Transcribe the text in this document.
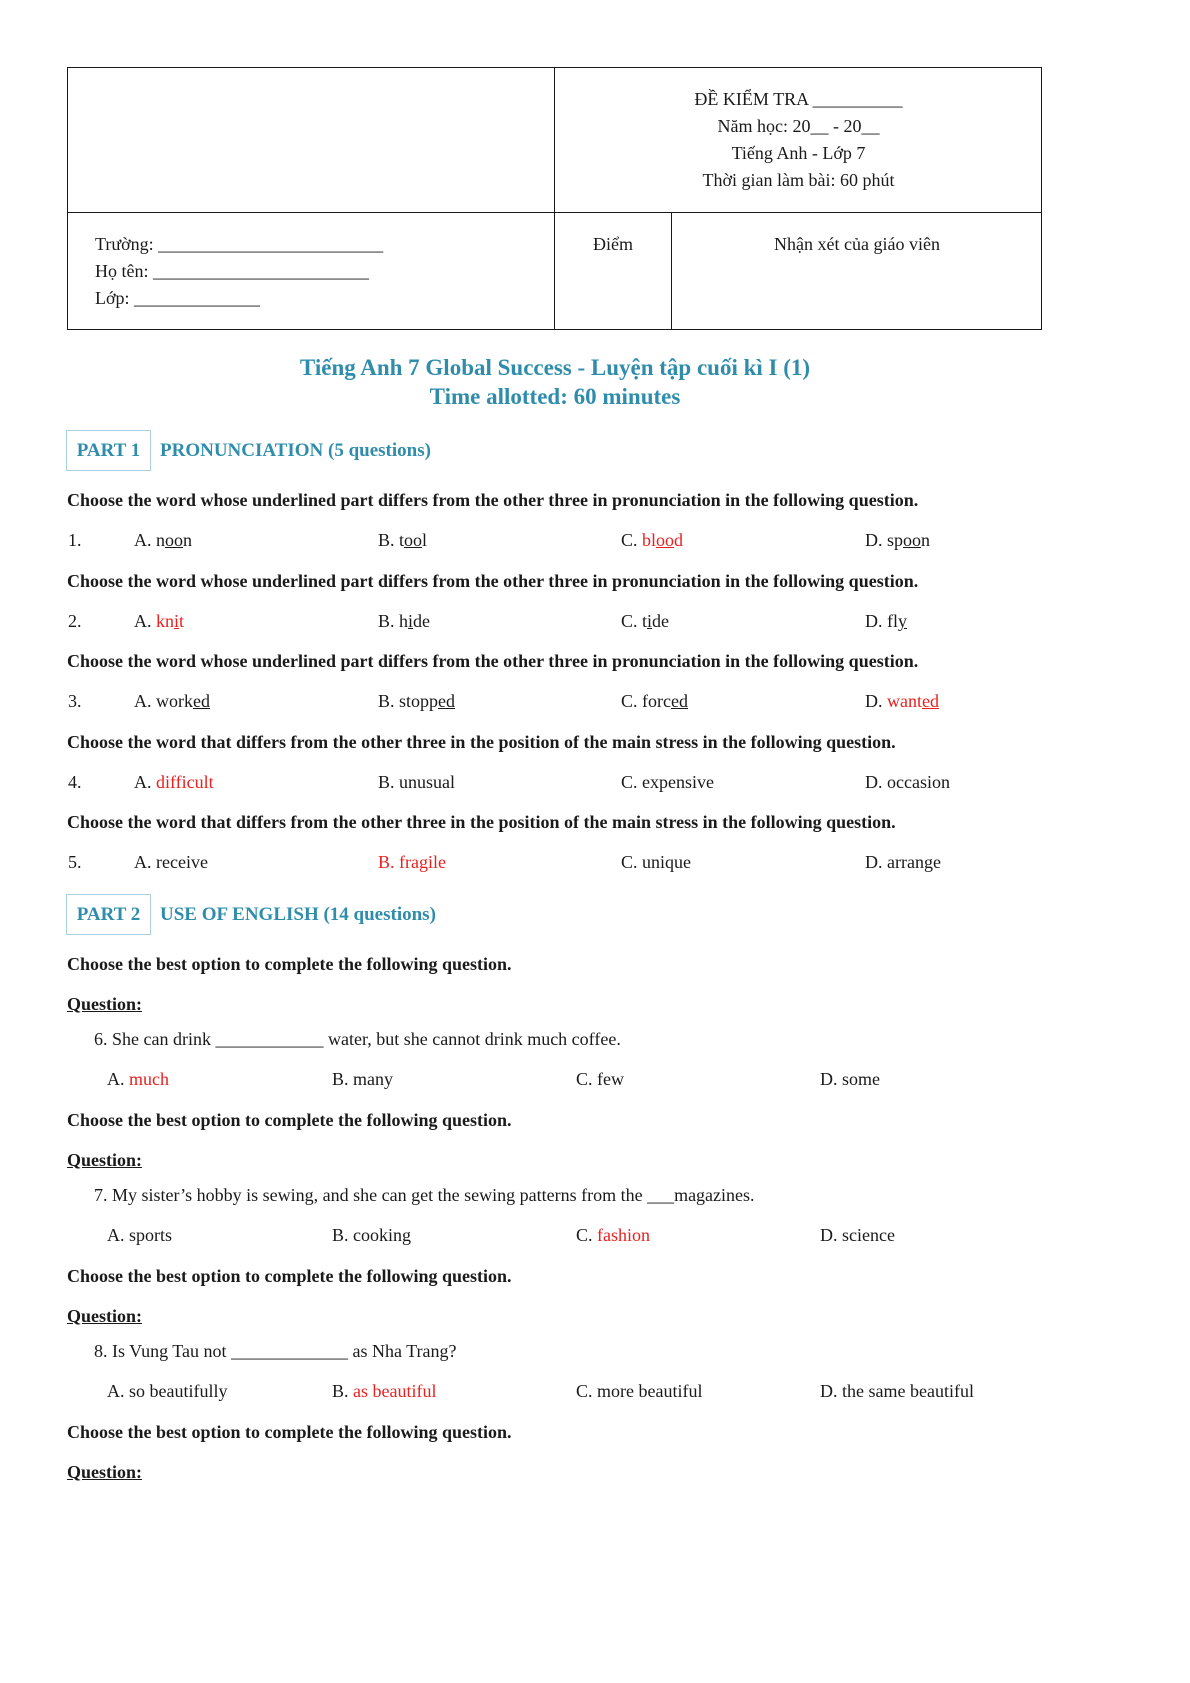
ĐỀ KIỂM TRA __________
Năm học: 20__ - 20__
Tiếng Anh - Lớp 7
Thời gian làm bài: 60 phút
Trường: _________________________
Họ tên: ________________________
Lớp: ______________
Điểm	Nhận xét của giáo viên
Tiếng Anh 7 Global Success - Luyện tập cuối kì I (1)
Time allotted: 60 minutes
PART 1	PRONUNCIATION (5 questions)
Choose the word whose underlined part differs from the other three in pronunciation in the following question.
1.	A. noon	B. tool	C. blood	D. spoon
Choose the word whose underlined part differs from the other three in pronunciation in the following question.
2.	A. knit	B. hide	C. tide	D. fly
Choose the word whose underlined part differs from the other three in pronunciation in the following question.
3.	A. worked	B. stopped	C. forced	D. wanted
Choose the word that differs from the other three in the position of the main stress in the following question.
4.	A. difficult	B. unusual	C. expensive	D. occasion
Choose the word that differs from the other three in the position of the main stress in the following question.
5.	A. receive	B. fragile	C. unique	D. arrange
PART 2	USE OF ENGLISH (14 questions)
Choose the best option to complete the following question.
Question:
6. She can drink ____________ water, but she cannot drink much coffee.
A. much	B. many	C. few	D. some
Choose the best option to complete the following question.
Question:
7. My sister’s hobby is sewing, and she can get the sewing patterns from the ___magazines.
A. sports	B. cooking	C. fashion	D. science
Choose the best option to complete the following question.
Question:
8. Is Vung Tau not _____________ as Nha Trang?
A. so beautifully	B. as beautiful	C. more beautiful	D. the same beautiful
Choose the best option to complete the following question.
Question:
